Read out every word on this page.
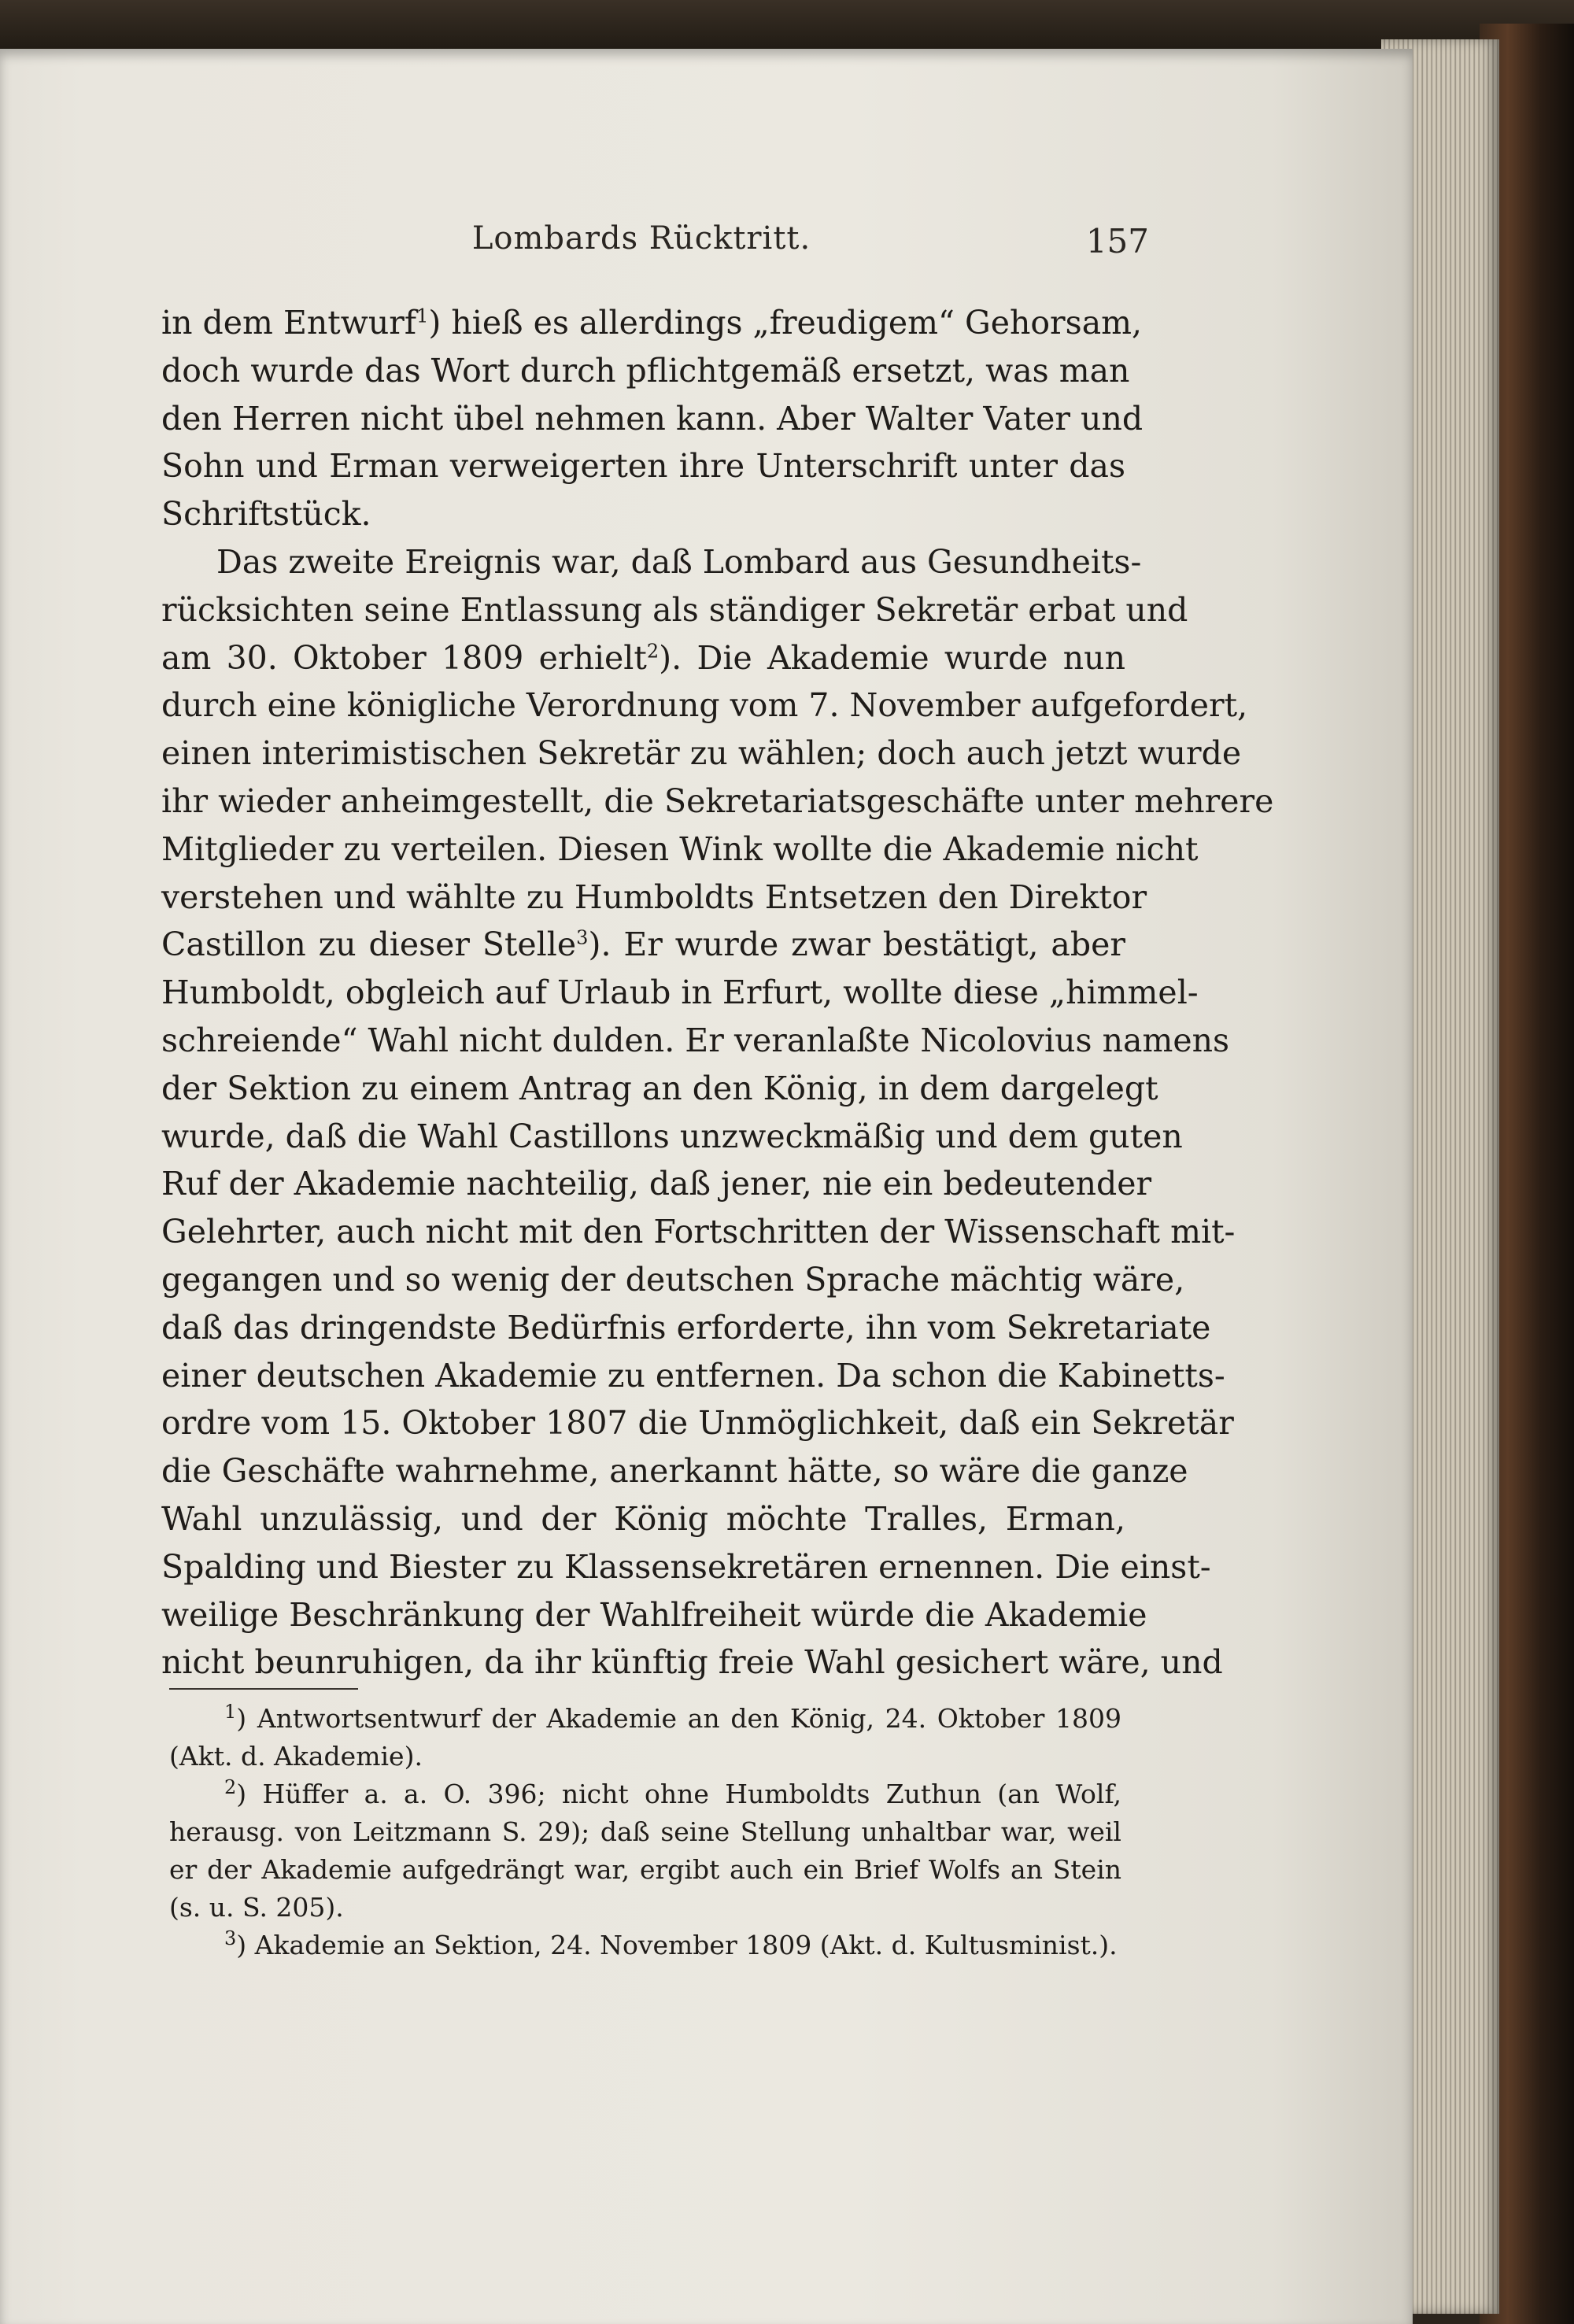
Lombards Rücktritt.	157
in dem Entwurf$^1$) hieß es allerdings „freudigem“ Gehorsam,
doch wurde das Wort durch pflichtgemäß ersetzt, was man
den Herren nicht übel nehmen kann. Aber Walter Vater und
Sohn und Erman verweigerten ihre Unterschrift unter das
Schriftstück.
Das zweite Ereignis war, daß Lombard aus Gesundheits-
rücksichten seine Entlassung als ständiger Sekretär erbat und
am 30. Oktober 1809 erhielt$^2$). Die Akademie wurde nun
durch eine königliche Verordnung vom 7. November aufgefordert,
einen interimistischen Sekretär zu wählen; doch auch jetzt wurde
ihr wieder anheimgestellt, die Sekretariatsgeschäfte unter mehrere
Mitglieder zu verteilen. Diesen Wink wollte die Akademie nicht
verstehen und wählte zu Humboldts Entsetzen den Direktor
Castillon zu dieser Stelle$^3$). Er wurde zwar bestätigt, aber
Humboldt, obgleich auf Urlaub in Erfurt, wollte diese „himmel-
schreiende“ Wahl nicht dulden. Er veranlaßte Nicolovius namens
der Sektion zu einem Antrag an den König, in dem dargelegt
wurde, daß die Wahl Castillons unzweckmäßig und dem guten
Ruf der Akademie nachteilig, daß jener, nie ein bedeutender
Gelehrter, auch nicht mit den Fortschritten der Wissenschaft mit-
gegangen und so wenig der deutschen Sprache mächtig wäre,
daß das dringendste Bedürfnis erforderte, ihn vom Sekretariate
einer deutschen Akademie zu entfernen. Da schon die Kabinetts-
ordre vom 15. Oktober 1807 die Unmöglichkeit, daß ein Sekretär
die Geschäfte wahrnehme, anerkannt hätte, so wäre die ganze
Wahl unzulässig, und der König möchte Tralles, Erman,
Spalding und Biester zu Klassensekretären ernennen. Die einst-
weilige Beschränkung der Wahlfreiheit würde die Akademie
nicht beunruhigen, da ihr künftig freie Wahl gesichert wäre, und
$^1$) Antwortsentwurf der Akademie an den König, 24. Oktober 1809
(Akt. d. Akademie).
$^2$) Hüffer a. a. O. 396; nicht ohne Humboldts Zuthun (an Wolf,
herausg. von Leitzmann S. 29); daß seine Stellung unhaltbar war, weil
er der Akademie aufgedrängt war, ergibt auch ein Brief Wolfs an Stein
(s. u. S. 205).
$^3$) Akademie an Sektion, 24. November 1809 (Akt. d. Kultusminist.).
